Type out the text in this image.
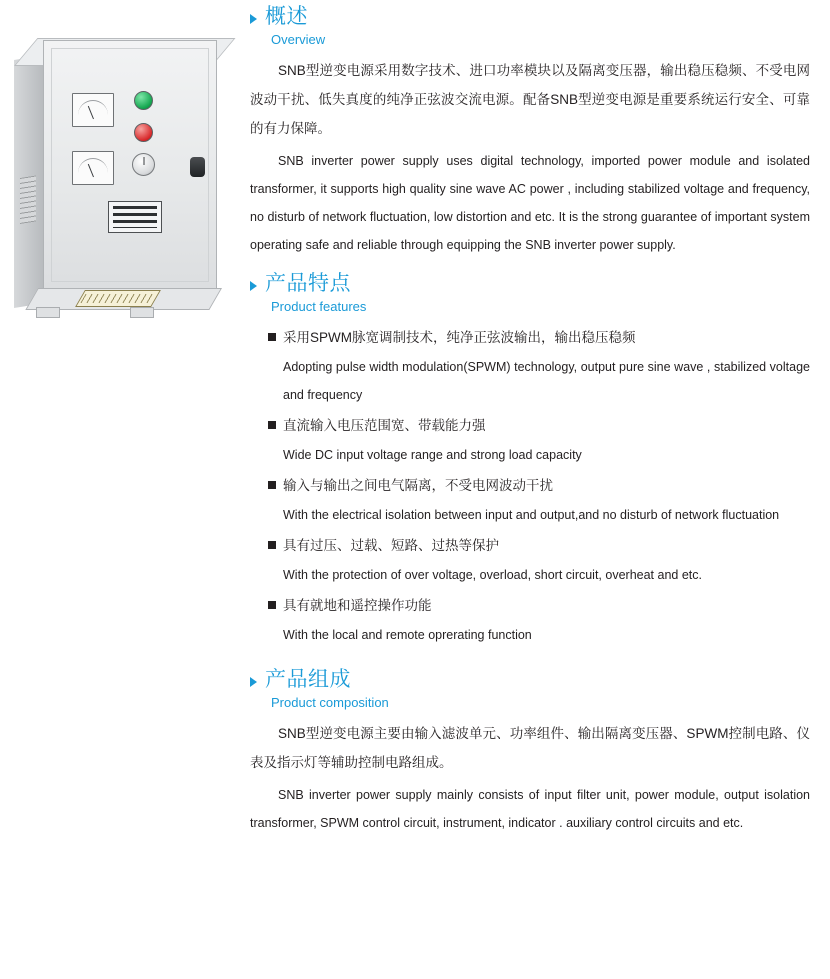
概述
Overview

SNB型逆变电源采用数字技术、进口功率模块以及隔离变压器，输出稳压稳频、不受电网波动干扰、低失真度的纯净正弦波交流电源。配备SNB型逆变电源是重要系统运行安全、可靠的有力保障。

SNB inverter power supply uses digital technology, imported power module and isolated transformer, it supports high quality sine wave AC power , including stabilized voltage and frequency, no disturb of network fluctuation, low distortion and etc. It is the strong guarantee of important system operating safe and reliable through equipping the SNB inverter power supply.

产品特点
Product features
采用SPWM脉宽调制技术，纯净正弦波输出，输出稳压稳频
Adopting pulse width modulation(SPWM) technology, output pure sine wave , stabilized voltage and frequency
直流输入电压范围宽、带载能力强
Wide DC input voltage range and strong load capacity
输入与输出之间电气隔离，不受电网波动干扰
With the electrical isolation between input and output,and no disturb of network fluctuation
具有过压、过载、短路、过热等保护
With the protection of over voltage, overload, short circuit, overheat and etc.
具有就地和遥控操作功能
With the local and remote oprerating function
产品组成
Product composition

SNB型逆变电源主要由输入滤波单元、功率组件、输出隔离变压器、SPWM控制电路、仪表及指示灯等辅助控制电路组成。

SNB inverter power supply mainly consists of input filter unit, power module, output isolation transformer, SPWM control circuit, instrument, indicator . auxiliary control circuits and etc.
